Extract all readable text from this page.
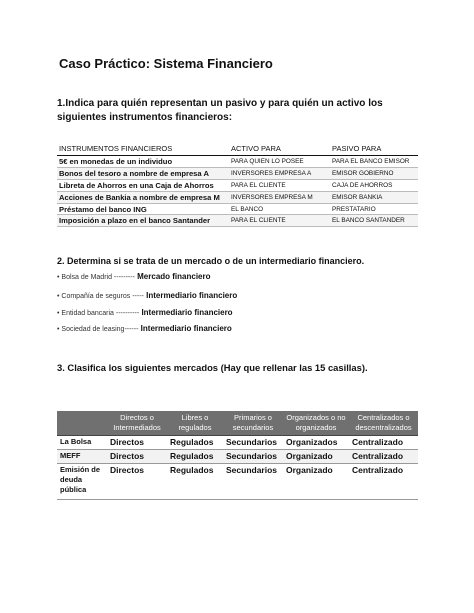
Caso Práctico: Sistema Financiero
1.Indica para quién representan un pasivo y para quién un activo los siguientes instrumentos financieros:
INSTRUMENTOS FINANCIEROS	ACTIVO PARA	PASIVO PARA
5€ en monedas de un individuo	PARA QUIEN LO POSEE	PARA EL BANCO EMISOR
Bonos del tesoro a nombre de empresa A	INVERSORES EMPRESA A	EMISOR GOBIERNO
Libreta de Ahorros en una Caja de Ahorros	PARA EL CLIENTE	CAJA DE AHORROS
Acciones de Bankia a nombre de empresa M	INVERSORES EMPRESA M	EMISOR BANKIA
Préstamo del banco ING	EL BANCO	PRESTATARIO
Imposición a plazo en el banco Santander	PARA EL CLIENTE	EL BANCO SANTANDER
2. Determina si se trata de un mercado o de un intermediario financiero.
• Bolsa de Madrid --------- Mercado financiero
• Compañía de seguros ----- Intermediario financiero
• Entidad bancaria ---------- Intermediario financiero
• Sociedad de leasing------ Intermediario financiero
3. Clasifica los siguientes mercados (Hay que rellenar las 15 casillas).
	Directos o Intermediados	Libres o regulados	Primarios o secundarios	Organizados o no organizados	Centralizados o descentralizados
La Bolsa	Directos	Regulados	Secundarios	Organizados	Centralizado
MEFF	Directos	Regulados	Secundarios	Organizado	Centralizado
Emisión de deuda pública	Directos	Regulados	Secundarios	Organizado	Centralizado
